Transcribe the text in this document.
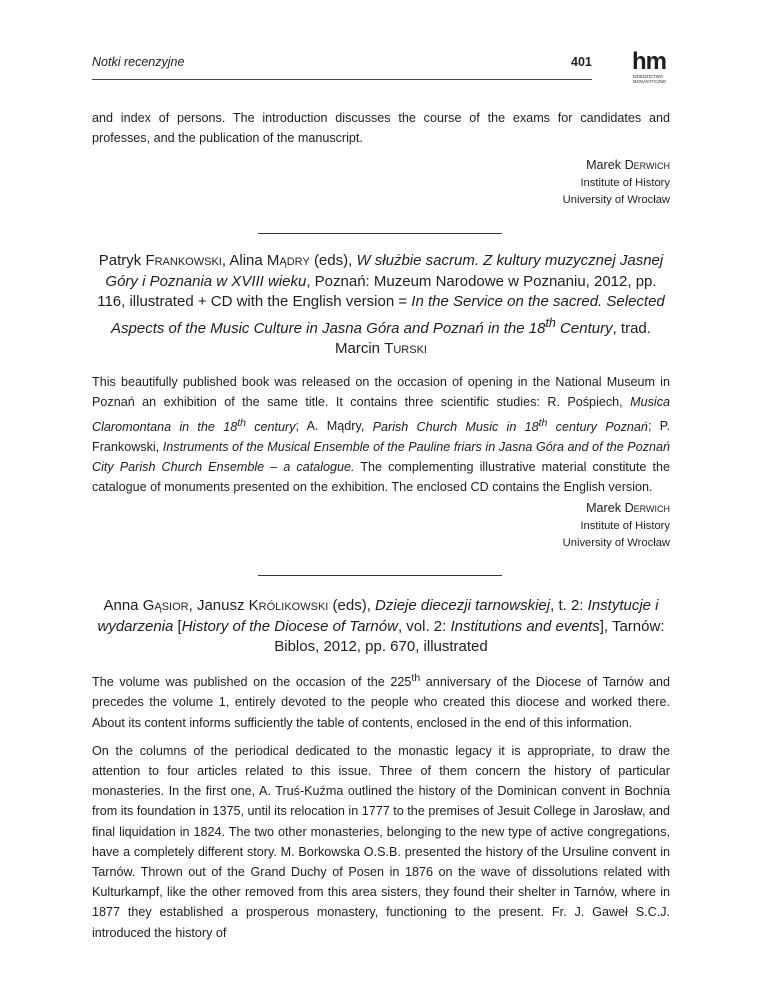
Notki recenzyjne	401 hm
DZIEDZICTWO
MONASTYCZNE

and index of persons. The introduction discusses the course of the exams for candidates and professes, and the publication of the manuscript.

Marek Derwich
Institute of History
University of Wrocław
Patryk Frankowski, Alina Mądry (eds), W służbie sacrum. Z kultury muzycznej Jasnej Góry i Poznania w XVIII wieku, Poznań: Muzeum Narodowe w Poznaniu, 2012, pp. 116, illustrated + CD with the English version = In the Service on the sacred. Selected Aspects of the Music Culture in Jasna Góra and Poznań in the 18th Century, trad. Marcin Turski

This beautifully published book was released on the occasion of opening in the National Museum in Poznań an exhibition of the same title. It contains three scientific studies: R. Pośpiech, Musica Claromontana in the 18th century; A. Mądry, Parish Church Music in 18th century Poznań; P. Frankowski, Instruments of the Musical Ensemble of the Pauline friars in Jasna Góra and of the Poznań City Parish Church Ensemble – a catalogue. The complementing illustrative material constitute the catalogue of monuments presented on the exhibition. The enclosed CD contains the English version.

Marek Derwich
Institute of History
University of Wrocław
Anna Gąsior, Janusz Królikowski (eds), Dzieje diecezji tarnowskiej, t. 2: Instytucje i wydarzenia [History of the Diocese of Tarnów, vol. 2: Institutions and events], Tarnów: Biblos, 2012, pp. 670, illustrated

The volume was published on the occasion of the 225th anniversary of the Diocese of Tarnów and precedes the volume 1, entirely devoted to the people who created this diocese and worked there. About its content informs sufficiently the table of contents, enclosed in the end of this information.

On the columns of the periodical dedicated to the monastic legacy it is appropriate, to draw the attention to four articles related to this issue. Three of them concern the history of particular monasteries. In the first one, A. Truś-Kuźma outlined the history of the Dominican convent in Bochnia from its foundation in 1375, until its relocation in 1777 to the premises of Jesuit College in Jarosław, and final liquidation in 1824. The two other monasteries, belonging to the new type of active congregations, have a completely different story. M. Borkowska O.S.B. presented the history of the Ursuline convent in Tarnów. Thrown out of the Grand Duchy of Posen in 1876 on the wave of dissolutions related with Kulturkampf, like the other removed from this area sisters, they found their shelter in Tarnów, where in 1877 they established a prosperous monastery, functioning to the present. Fr. J. Gaweł S.C.J. introduced the history of
